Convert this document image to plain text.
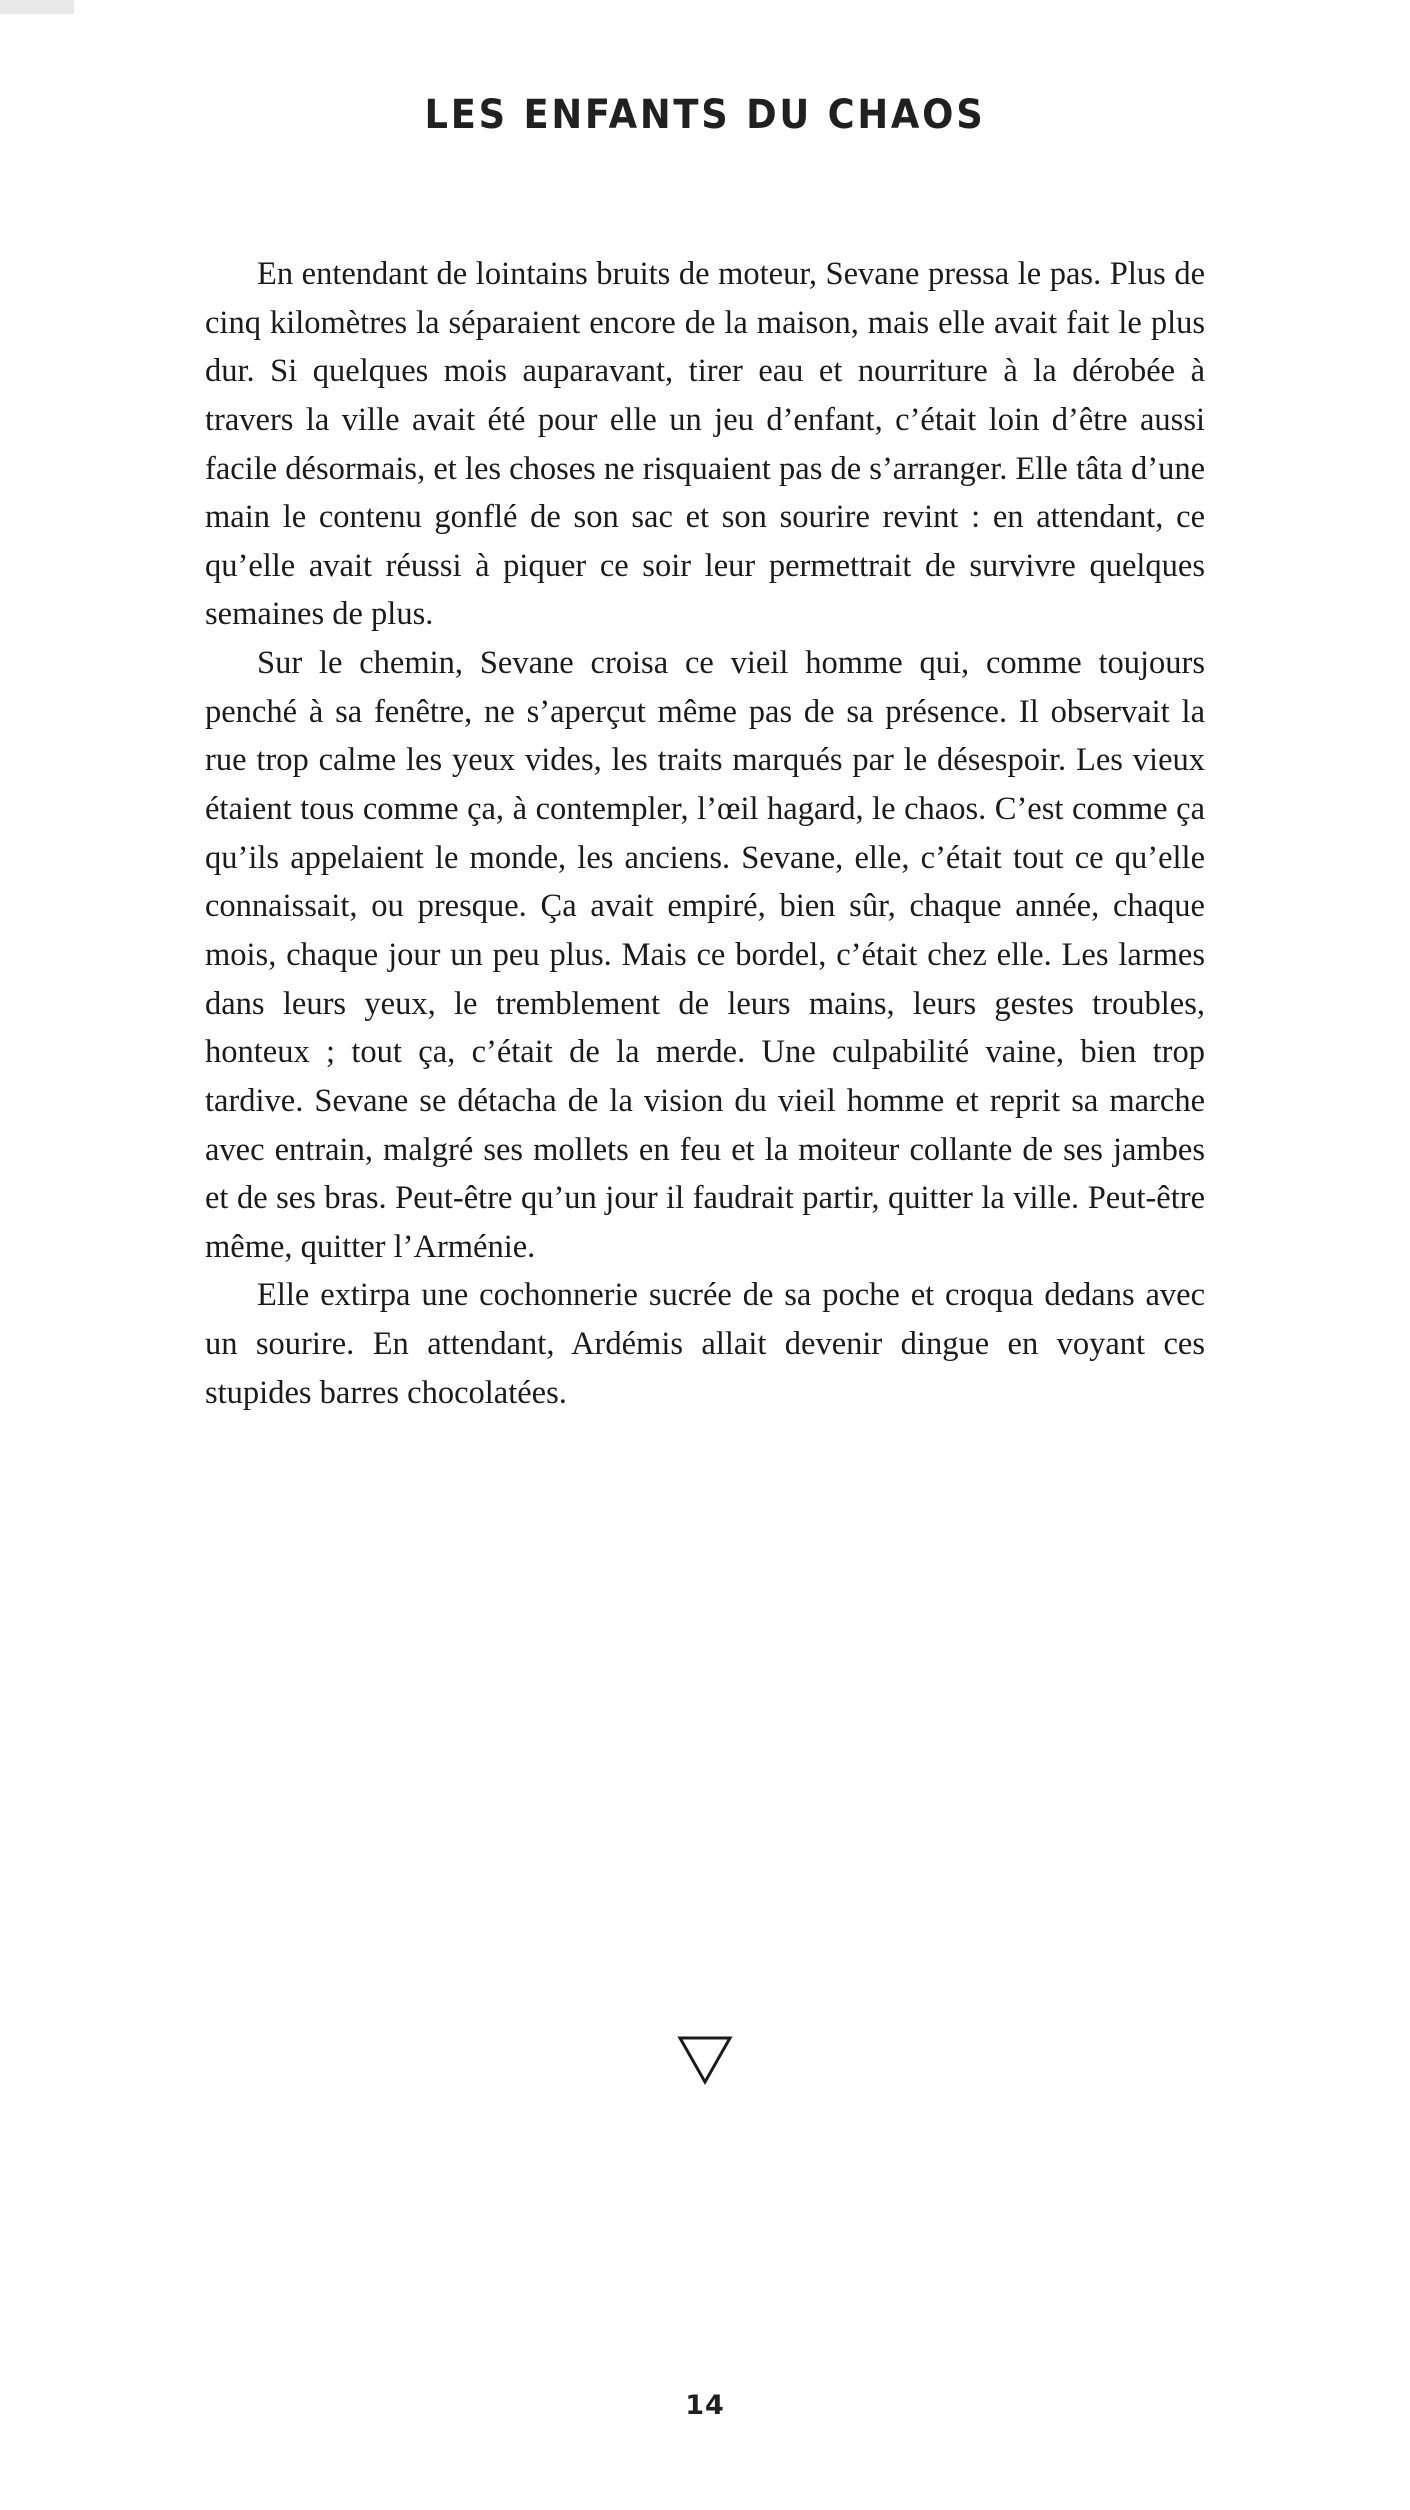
LES ENFANTS DU CHAOS

En entendant de lointains bruits de moteur, Sevane pressa le pas. Plus de cinq kilomètres la séparaient encore de la maison, mais elle avait fait le plus dur. Si quelques mois auparavant, tirer eau et nourriture à la dérobée à travers la ville avait été pour elle un jeu d’enfant, c’était loin d’être aussi facile désormais, et les choses ne risquaient pas de s’arranger. Elle tâta d’une main le contenu gonflé de son sac et son sourire revint : en attendant, ce qu’elle avait réussi à piquer ce soir leur permettrait de survivre quelques semaines de plus.

Sur le chemin, Sevane croisa ce vieil homme qui, comme toujours penché à sa fenêtre, ne s’aperçut même pas de sa présence. Il observait la rue trop calme les yeux vides, les traits marqués par le désespoir. Les vieux étaient tous comme ça, à contempler, l’œil hagard, le chaos. C’est comme ça qu’ils appelaient le monde, les anciens. Sevane, elle, c’était tout ce qu’elle connaissait, ou presque. Ça avait empiré, bien sûr, chaque année, chaque mois, chaque jour un peu plus. Mais ce bordel, c’était chez elle. Les larmes dans leurs yeux, le tremblement de leurs mains, leurs gestes troubles, honteux ; tout ça, c’était de la merde. Une culpabilité vaine, bien trop tardive. Sevane se détacha de la vision du vieil homme et reprit sa marche avec entrain, malgré ses mollets en feu et la moiteur collante de ses jambes et de ses bras. Peut-être qu’un jour il faudrait partir, quitter la ville. Peut-être même, quitter l’Arménie.

Elle extirpa une cochonnerie sucrée de sa poche et croqua dedans avec un sourire. En attendant, Ardémis allait devenir dingue en voyant ces stupides barres chocolatées.

14
